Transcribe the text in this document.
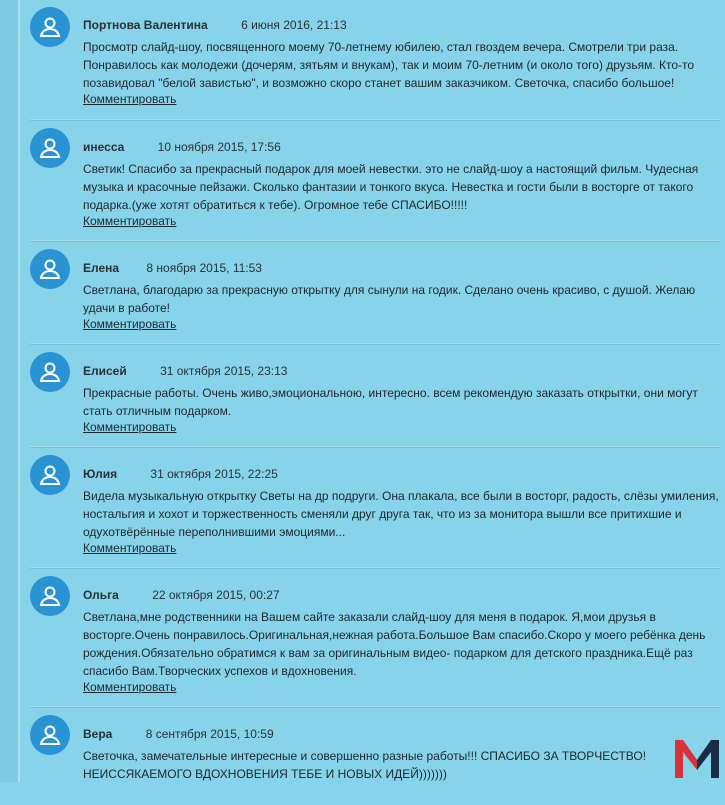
Портнова Валентина	6 июня 2016, 21:13
Просмотр слайд-шоу, посвященного моему 70-летнему юбилею, стал гвоздем вечера. Смотрели три раза. Понравилось как молодежи (дочерям, зятьям и внукам), так и моим 70-летним (и около того) друзьям. Кто-то позавидовал "белой завистью", и возможно скоро станет вашим заказчиком. Светочка, спасибо большое!
Комментировать
инесса	10 ноября 2015, 17:56
Светик! Спасибо за прекрасный подарок для моей невестки. это не слайд-шоу а настоящий фильм. Чудесная музыка и красочные пейзажи. Сколько фантазии и тонкого вкуса. Невестка и гости были в восторге от такого подарка.(уже хотят обратиться к тебе). Огромное тебе СПАСИБО!!!!!
Комментировать
Елена 8 ноября 2015, 11:53
Светлана, благодарю за прекрасную открытку для сынули на годик. Сделано очень красиво, с душой. Желаю удачи в работе!
Комментировать
Елисей	31 октября 2015, 23:13
Прекрасные работы. Очень живо,эмоциональною, интересно. всем рекомендую заказать открытки, они могут стать отличным подарком.
Комментировать
Юлия	31 октября 2015, 22:25
Видела музыкальную открытку Светы на др подруги. Она плакала, все были в восторг, радость, слёзы умиления, ностальгия и хохот и торжественность сменяли друг друга так, что из за монитора вышли все притихшие и одухотвёрённые переполнившими эмоциями...
Комментировать
Ольга	22 октября 2015, 00:27
Светлана,мне родственники на Вашем сайте заказали слайд-шоу для меня в подарок. Я,мои друзья в восторге.Очень понравилось.Оригинальная,нежная работа.Большое Вам спасибо.Скоро у моего ребёнка день рождения.Обязательно обратимся к вам за оригинальным видео- подарком для детского праздника.Ещё раз спасибо Вам.Творческих успехов и вдохновения.
Комментировать
Вера	8 сентября 2015, 10:59
Светочка, замечательные интересные и совершенно разные работы!!! СПАСИБО ЗА ТВОРЧЕСТВО! НЕИССЯКАЕМОГО ВДОХНОВЕНИЯ ТЕБЕ И НОВЫХ ИДЕЙ)))))))
